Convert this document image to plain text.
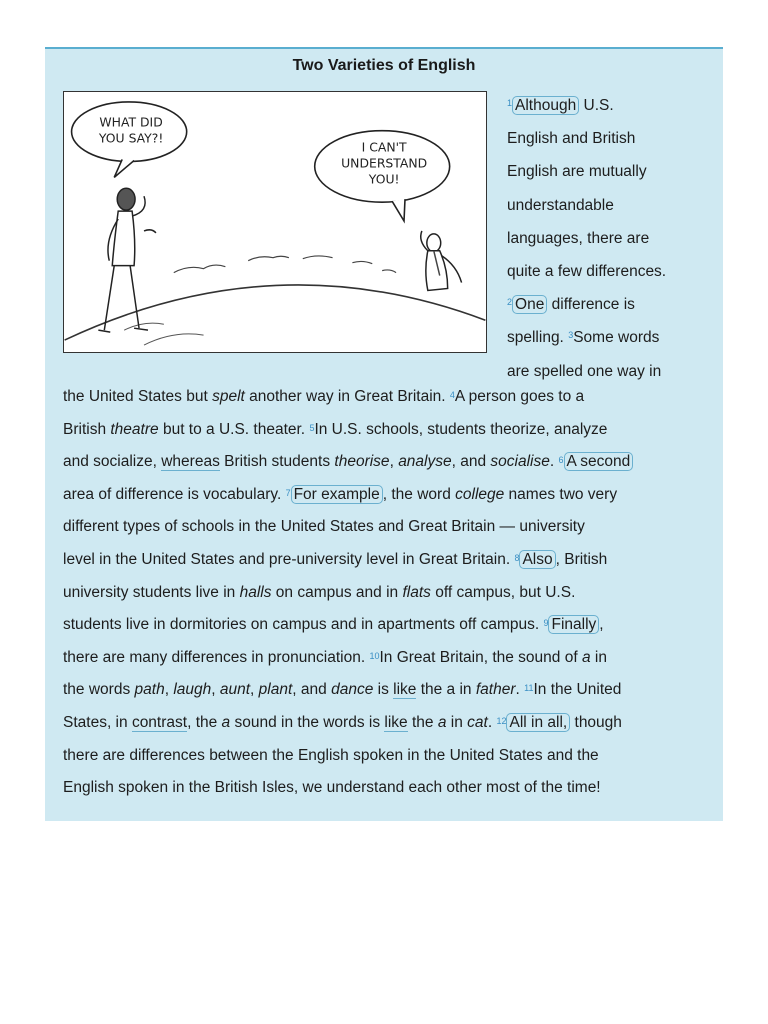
Two Varieties of English
WHAT DID
YOU SAY?!
I CAN'T
UNDERSTAND
YOU!
$^1$ Although U.S.
English and British
English are mutually
understandable
languages, there are
quite a few differences.
$^2$ One difference is
spelling. $^3$Some words
are spelled one way in
the United States but spelt another way in Great Britain. $^4$A person goes to a
British theatre but to a U.S. theater. $^5$In U.S. schools, students theorize, analyze
and socialize, whereas British students theorise, analyse, and socialise. $^6$ A second
area of difference is vocabulary. $^7$ For example , the word college names two very
different types of schools in the United States and Great Britain — university
level in the United States and pre-university level in Great Britain. $^8$ Also , British
university students live in halls on campus and in flats off campus, but U.S.
students live in dormitories on campus and in apartments off campus. $^9$ Finally ,
there are many differences in pronunciation. $^{10}$In Great Britain, the sound of a in
the words path, laugh, aunt, plant, and dance is like the a in father. $^{11}$In the United
States, in contrast, the a sound in the words is like the a in cat. $^{12}$ All in all, though
there are differences between the English spoken in the United States and the
English spoken in the British Isles, we understand each other most of the time!
